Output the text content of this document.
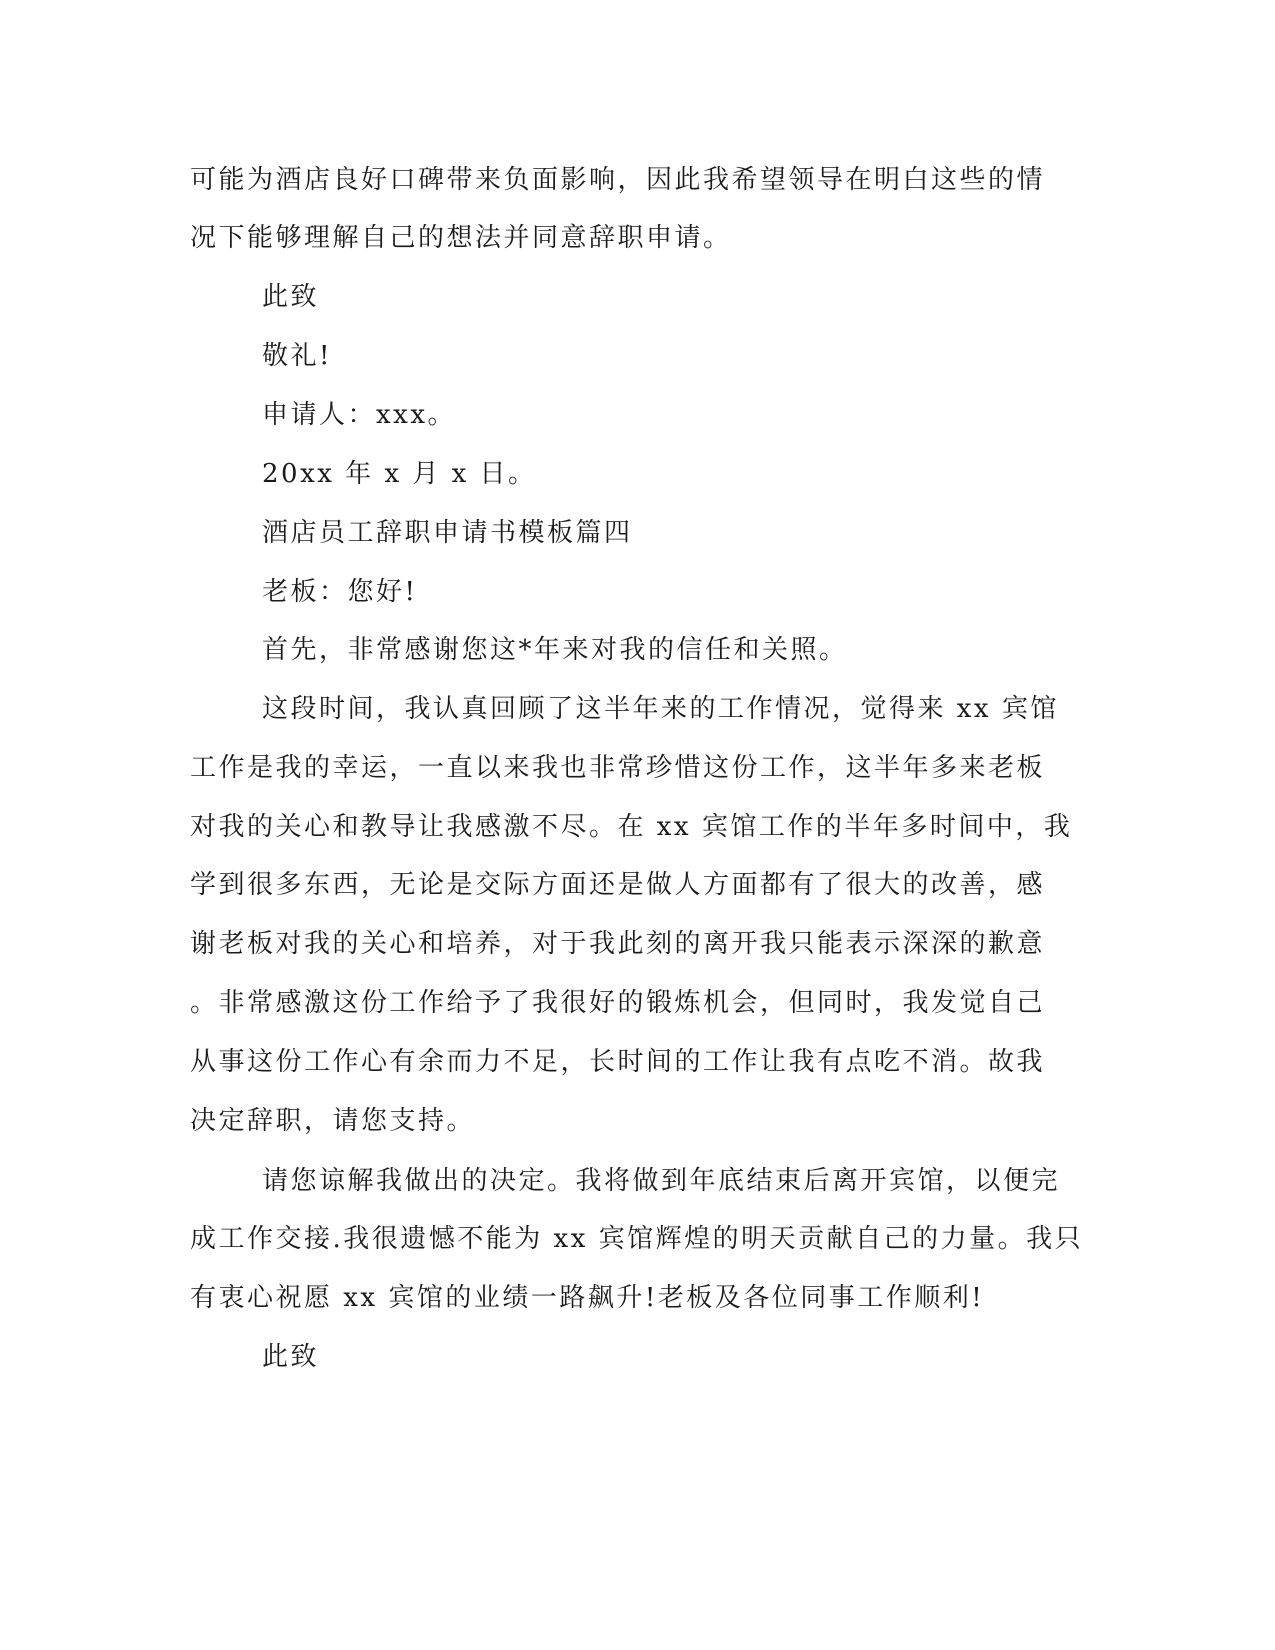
可能为酒店良好口碑带来负面影响，因此我希望领导在明白这些的情
况下能够理解自己的想法并同意辞职申请。
此致
敬礼!
申请人：xxx。
20xx 年 x 月 x 日。
酒店员工辞职申请书模板篇四
老板：您好!
首先，非常感谢您这*年来对我的信任和关照。
这段时间，我认真回顾了这半年来的工作情况，觉得来 xx 宾馆
工作是我的幸运，一直以来我也非常珍惜这份工作，这半年多来老板
对我的关心和教导让我感激不尽。在 xx 宾馆工作的半年多时间中，我
学到很多东西，无论是交际方面还是做人方面都有了很大的改善，感
谢老板对我的关心和培养，对于我此刻的离开我只能表示深深的歉意
。非常感激这份工作给予了我很好的锻炼机会，但同时，我发觉自己
从事这份工作心有余而力不足，长时间的工作让我有点吃不消。故我
决定辞职，请您支持。
请您谅解我做出的决定。我将做到年底结束后离开宾馆，以便完
成工作交接.我很遗憾不能为 xx 宾馆辉煌的明天贡献自己的力量。我只
有衷心祝愿 xx 宾馆的业绩一路飙升!老板及各位同事工作顺利!
此致
